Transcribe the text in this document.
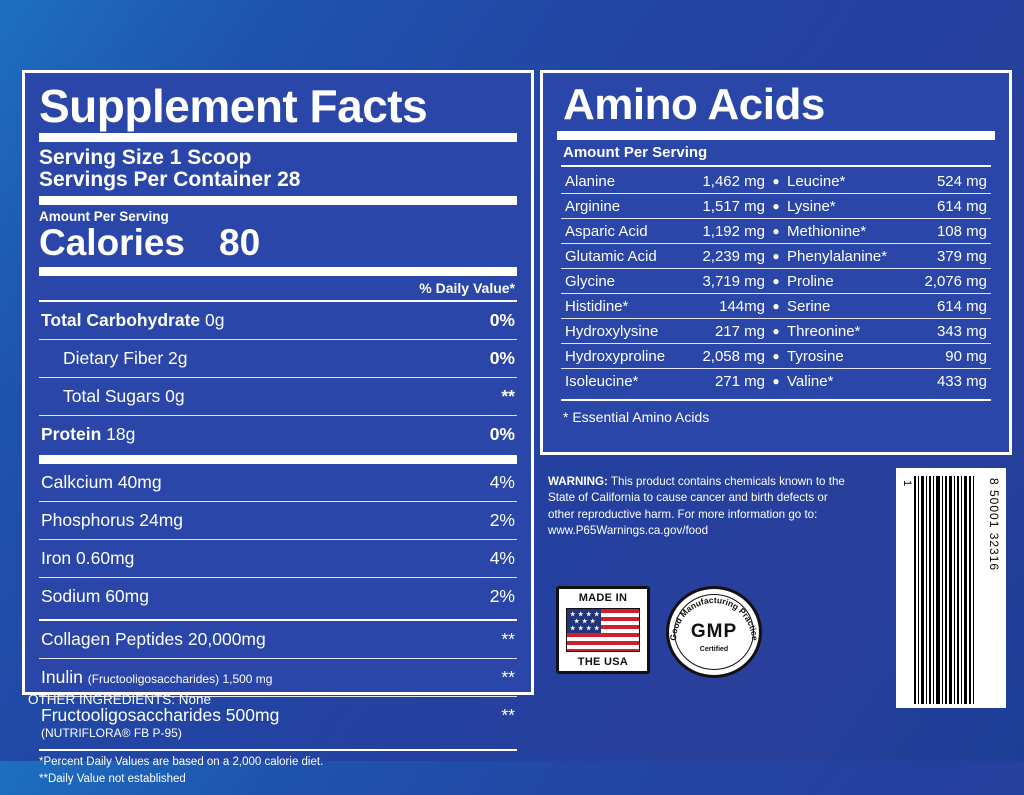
Supplement Facts
Serving Size 1 Scoop
Servings Per Container 28
Amount Per Serving
Calories 80
% Daily Value*
Total Carbohydrate 0g	0%
Dietary Fiber 2g	0%
Total Sugars 0g	**
Protein 18g	0%
Calkcium 40mg	4%
Phosphorus 24mg	2%
Iron 0.60mg	4%
Sodium 60mg	2%
Collagen Peptides 20,000mg	**
Inulin (Fructooligosaccharides) 1,500 mg	**
Fructooligosaccharides 500mg	**
(NUTRIFLORA® FB P-95)
*Percent Daily Values are based on a 2,000 calorie diet.
**Daily Value not established
OTHER INGREDIENTS: None
Amino Acids
Amount Per Serving
Alanine	1,462 mg ● Leucine*	524 mg
Arginine	1,517 mg ● Lysine*	614 mg
Asparic Acid	1,192 mg ● Methionine*	108 mg
Glutamic Acid	2,239 mg ● Phenylalanine*	379 mg
Glycine	3,719 mg ● Proline	2,076 mg
Histidine*	144mg ● Serine	614 mg
Hydroxylysine	217 mg ● Threonine*	343 mg
Hydroxyproline 2,058 mg ● Tyrosine	90 mg
Isoleucine*	271 mg ● Valine*	433 mg
* Essential Amino Acids
WARNING: This product contains chemicals known to the State of California to cause cancer and birth defects or other reproductive harm. For more information go to: www.P65Warnings.ca.gov/food
MADE IN
★ ★ ★ ★
★ ★ ★
★ ★ ★ ★
THE USA
Good Manufacturing Practice
GMP
Certified
8 50001 32316
1
